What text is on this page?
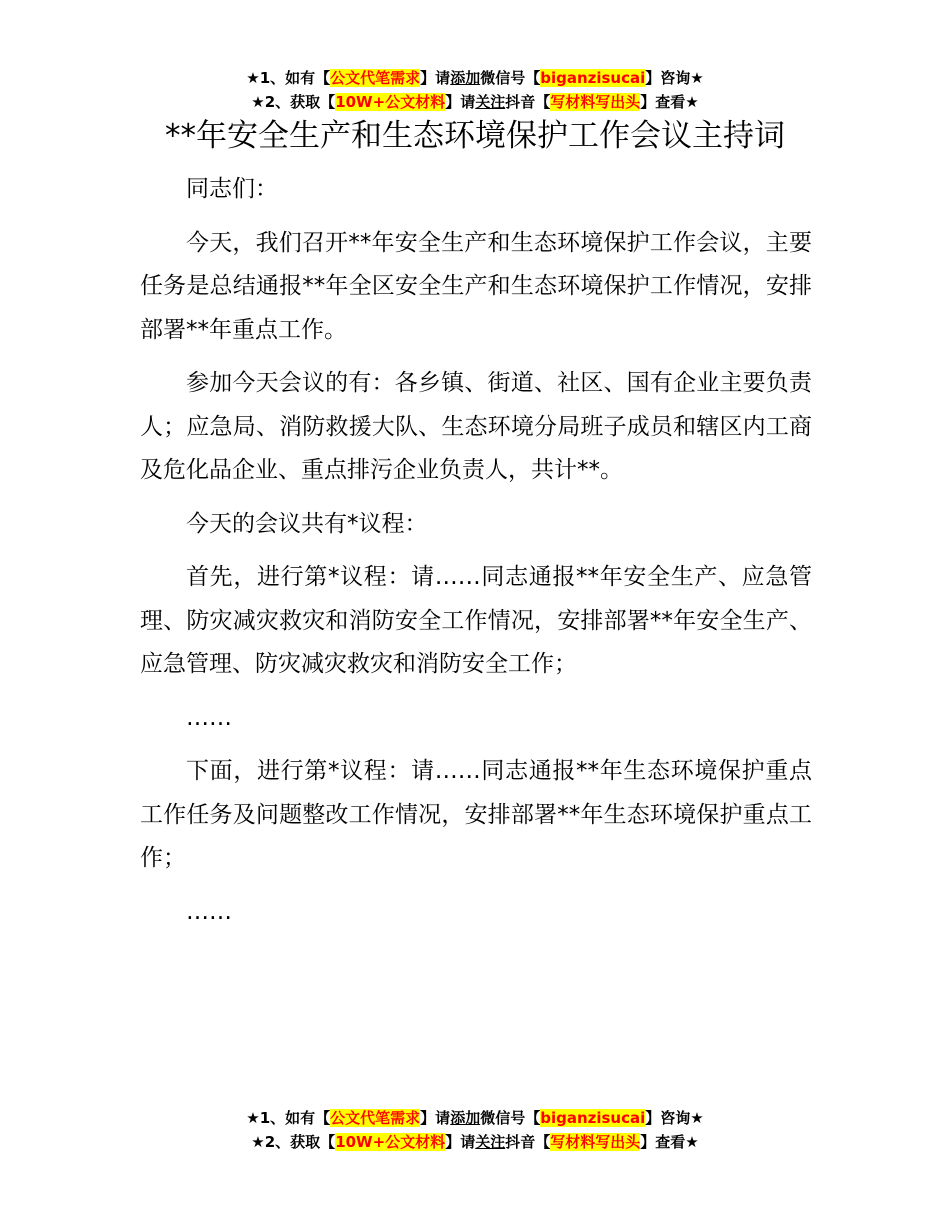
★1、如有【公文代笔需求】请添加微信号【biganzisucai】咨询★
★2、获取【10W+公文材料】请关注抖音【写材料写出头】查看★
**年安全生产和生态环境保护工作会议主持词

同志们：

今天，我们召开**年安全生产和生态环境保护工作会议，主要任务是总结通报**年全区安全生产和生态环境保护工作情况，安排部署**年重点工作。

参加今天会议的有：各乡镇、街道、社区、国有企业主要负责人；应急局、消防救援大队、生态环境分局班子成员和辖区内工商及危化品企业、重点排污企业负责人，共计**。

今天的会议共有*议程：

首先，进行第*议程：请……同志通报**年安全生产、应急管理、防灾减灾救灾和消防安全工作情况，安排部署**年安全生产、应急管理、防灾减灾救灾和消防安全工作；

……

下面，进行第*议程：请……同志通报**年生态环境保护重点工作任务及问题整改工作情况，安排部署**年生态环境保护重点工作；

……

★1、如有【公文代笔需求】请添加微信号【biganzisucai】咨询★
★2、获取【10W+公文材料】请关注抖音【写材料写出头】查看★
